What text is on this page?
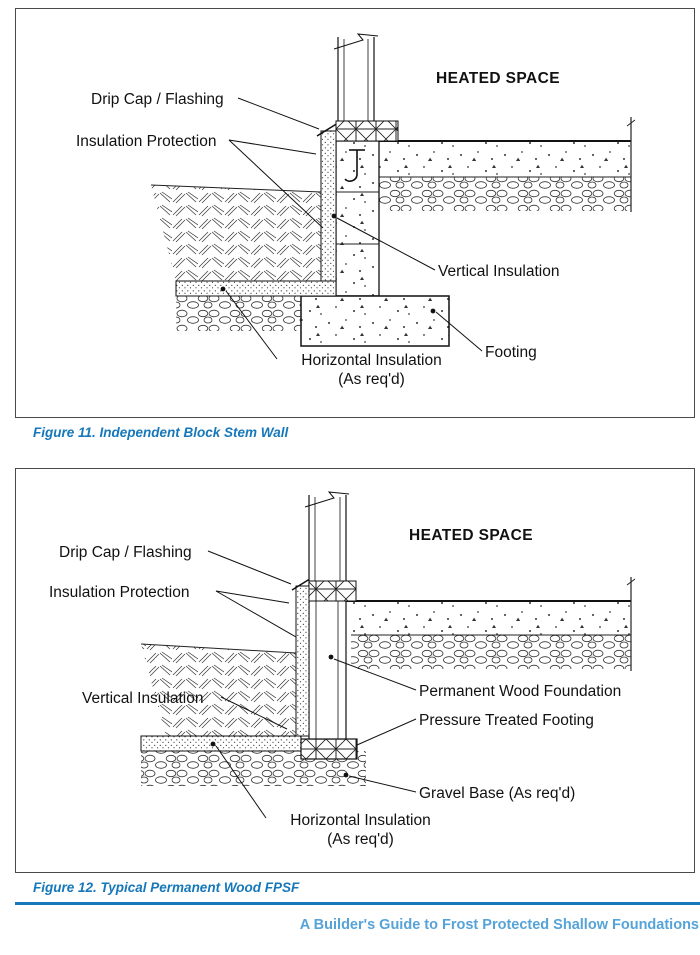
HEATED SPACE
Drip Cap / Flashing
Insulation Protection
Vertical Insulation
Footing
Horizontal Insulation
(As req'd)

Figure 11. Independent Block Stem Wall

HEATED SPACE
Drip Cap / Flashing
Insulation Protection
Vertical Insulation	Permanent Wood Foundation
Pressure Treated Footing
Gravel Base (As req'd)
Horizontal Insulation
(As req'd)

Figure 12. Typical Permanent Wood FPSF

A Builder's Guide to Frost Protected Shallow Foundations
